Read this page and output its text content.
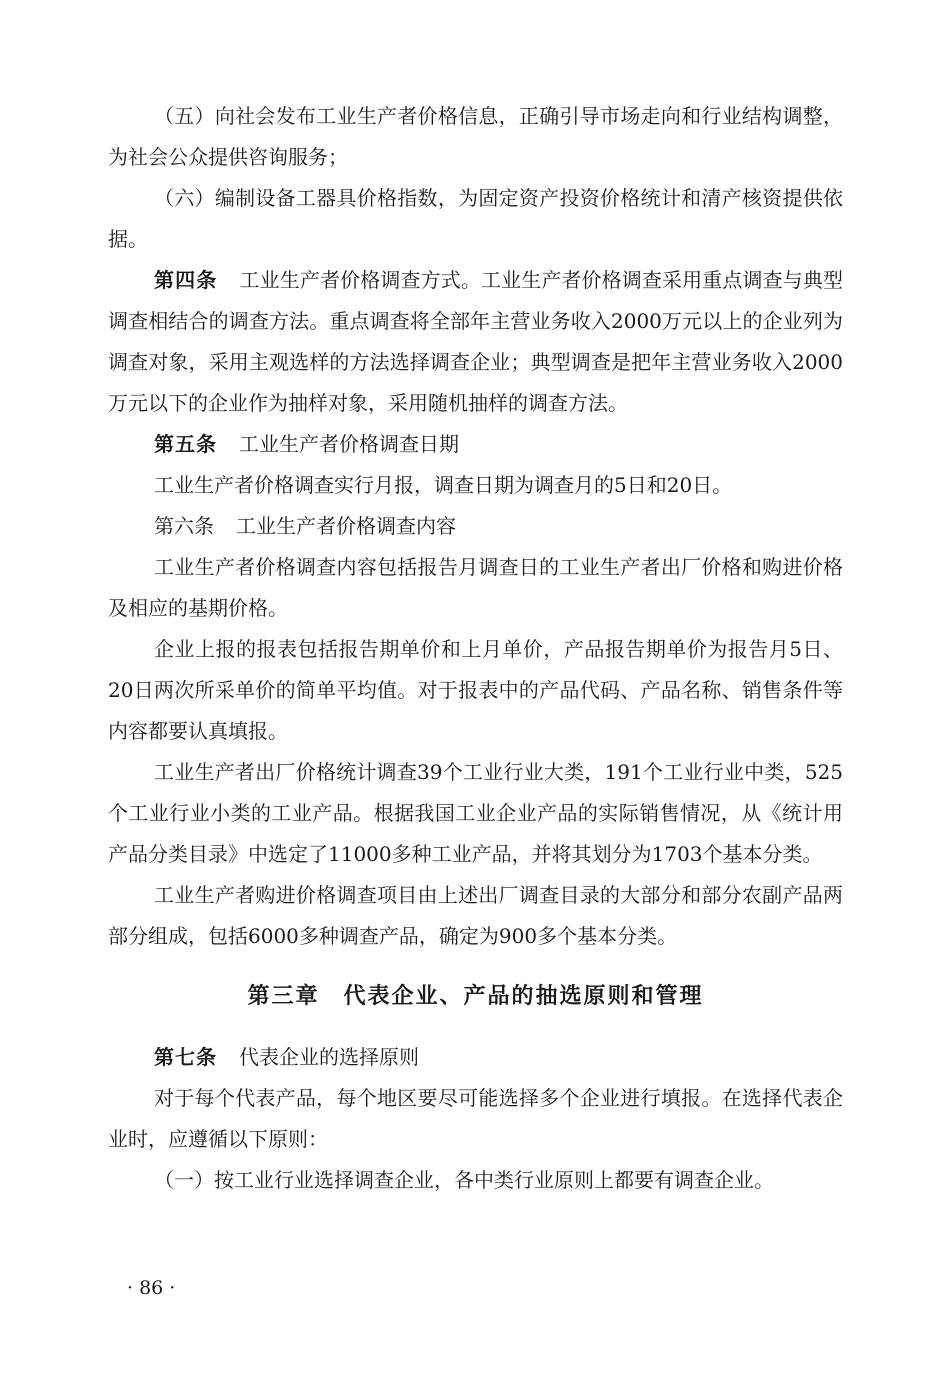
（五）向社会发布工业生产者价格信息，正确引导市场走向和行业结构调整，为社会公众提供咨询服务；

（六）编制设备工器具价格指数，为固定资产投资价格统计和清产核资提供依据。

第四条 工业生产者价格调查方式。工业生产者价格调查采用重点调查与典型调查相结合的调查方法。重点调查将全部年主营业务收入2000万元以上的企业列为调查对象，采用主观选样的方法选择调查企业；典型调查是把年主营业务收入2000万元以下的企业作为抽样对象，采用随机抽样的调查方法。

第五条 工业生产者价格调查日期

工业生产者价格调查实行月报，调查日期为调查月的5日和20日。

第六条 工业生产者价格调查内容

工业生产者价格调查内容包括报告月调查日的工业生产者出厂价格和购进价格及相应的基期价格。

企业上报的报表包括报告期单价和上月单价，产品报告期单价为报告月5日、20日两次所采单价的简单平均值。对于报表中的产品代码、产品名称、销售条件等内容都要认真填报。

工业生产者出厂价格统计调查39个工业行业大类，191个工业行业中类，525个工业行业小类的工业产品。根据我国工业企业产品的实际销售情况，从《统计用产品分类目录》中选定了11000多种工业产品，并将其划分为1703个基本分类。

工业生产者购进价格调查项目由上述出厂调查目录的大部分和部分农副产品两部分组成，包括6000多种调查产品，确定为900多个基本分类。

第三章　代表企业、产品的抽选原则和管理

第七条 代表企业的选择原则

对于每个代表产品，每个地区要尽可能选择多个企业进行填报。在选择代表企业时，应遵循以下原则：

（一）按工业行业选择调查企业，各中类行业原则上都要有调查企业。

· 86 ·
